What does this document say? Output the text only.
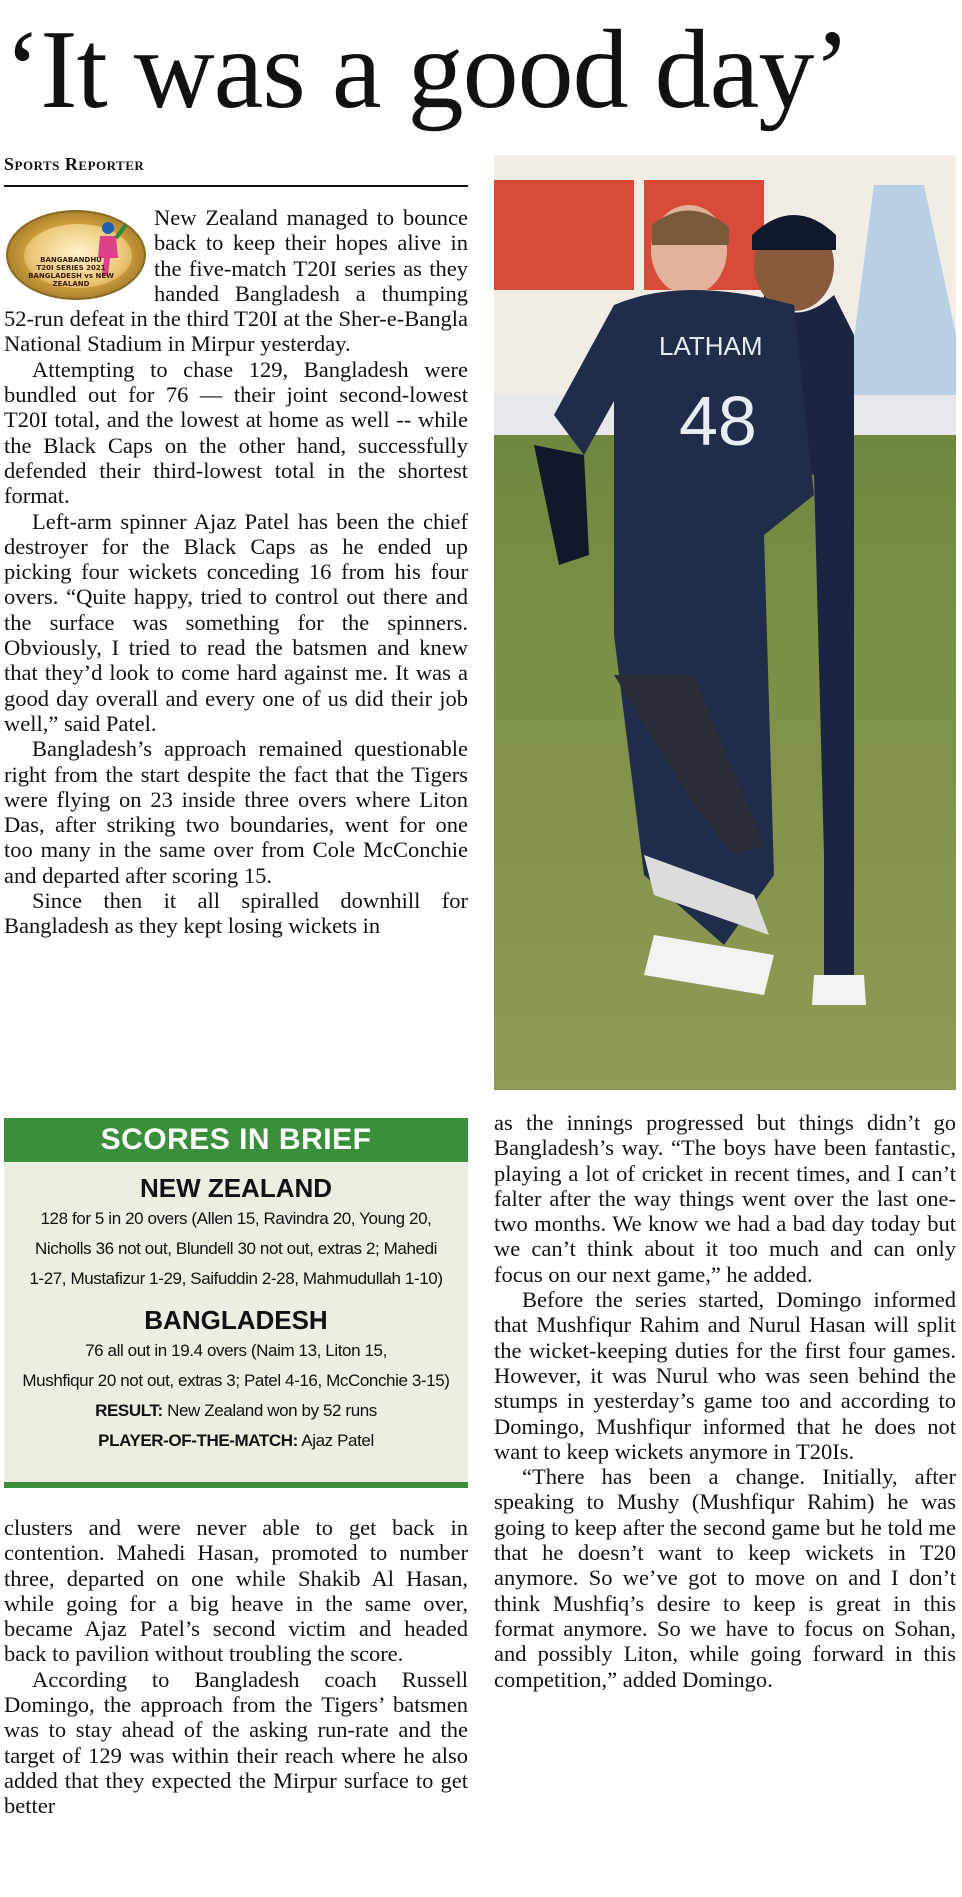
‘It was a good day’
Sports Reporter

New Zealand managed to bounce back to keep their hopes alive in the five-match T20I series as they handed Bangladesh a thumping 52-run defeat in the third T20I at the Sher-e-Bangla National Stadium in Mirpur yesterday.

Attempting to chase 129, Bangladesh were bundled out for 76 — their joint second-lowest T20I total, and the lowest at home as well -- while the Black Caps on the other hand, successfully defended their third-lowest total in the shortest format.

Left-arm spinner Ajaz Patel has been the chief destroyer for the Black Caps as he ended up picking four wickets conceding 16 from his four overs. “Quite happy, tried to control out there and the surface was something for the spinners. Obviously, I tried to read the batsmen and knew that they’d look to come hard against me. It was a good day overall and every one of us did their job well,” said Patel.

Bangladesh’s approach remained questionable right from the start despite the fact that the Tigers were flying on 23 inside three overs where Liton Das, after striking two boundaries, went for one too many in the same over from Cole McConchie and departed after scoring 15.

Since then it all spiralled downhill for Bangladesh as they kept losing wickets in

BANGABANDHU
T20I SERIES 2021
BANGLADESH vs NEW ZEALAND
48
LATHAM
SCORES IN BRIEF
NEW ZEALAND
128 for 5 in 20 overs (Allen 15, Ravindra 20, Young 20,
Nicholls 36 not out, Blundell 30 not out, extras 2; Mahedi
1-27, Mustafizur 1-29, Saifuddin 2-28, Mahmudullah 1-10)
BANGLADESH
76 all out in 19.4 overs (Naim 13, Liton 15,
Mushfiqur 20 not out, extras 3; Patel 4-16, McConchie 3-15)
RESULT: New Zealand won by 52 runs
PLAYER-OF-THE-MATCH: Ajaz Patel

clusters and were never able to get back in contention. Mahedi Hasan, promoted to number three, departed on one while Shakib Al Hasan, while going for a big heave in the same over, became Ajaz Patel’s second victim and headed back to pavilion without troubling the score.

According to Bangladesh coach Russell Domingo, the approach from the Tigers’ batsmen was to stay ahead of the asking run-rate and the target of 129 was within their reach where he also added that they expected the Mirpur surface to get better

as the innings progressed but things didn’t go Bangladesh’s way. “The boys have been fantastic, playing a lot of cricket in recent times, and I can’t falter after the way things went over the last one-two months. We know we had a bad day today but we can’t think about it too much and can only focus on our next game,” he added.

Before the series started, Domingo informed that Mushfiqur Rahim and Nurul Hasan will split the wicket-keeping duties for the first four games. However, it was Nurul who was seen behind the stumps in yesterday’s game too and according to Domingo, Mushfiqur informed that he does not want to keep wickets anymore in T20Is.

“There has been a change. Initially, after speaking to Mushy (Mushfiqur Rahim) he was going to keep after the second game but he told me that he doesn’t want to keep wickets in T20 anymore. So we’ve got to move on and I don’t think Mushfiq’s desire to keep is great in this format anymore. So we have to focus on Sohan, and possibly Liton, while going forward in this competition,” added Domingo.
